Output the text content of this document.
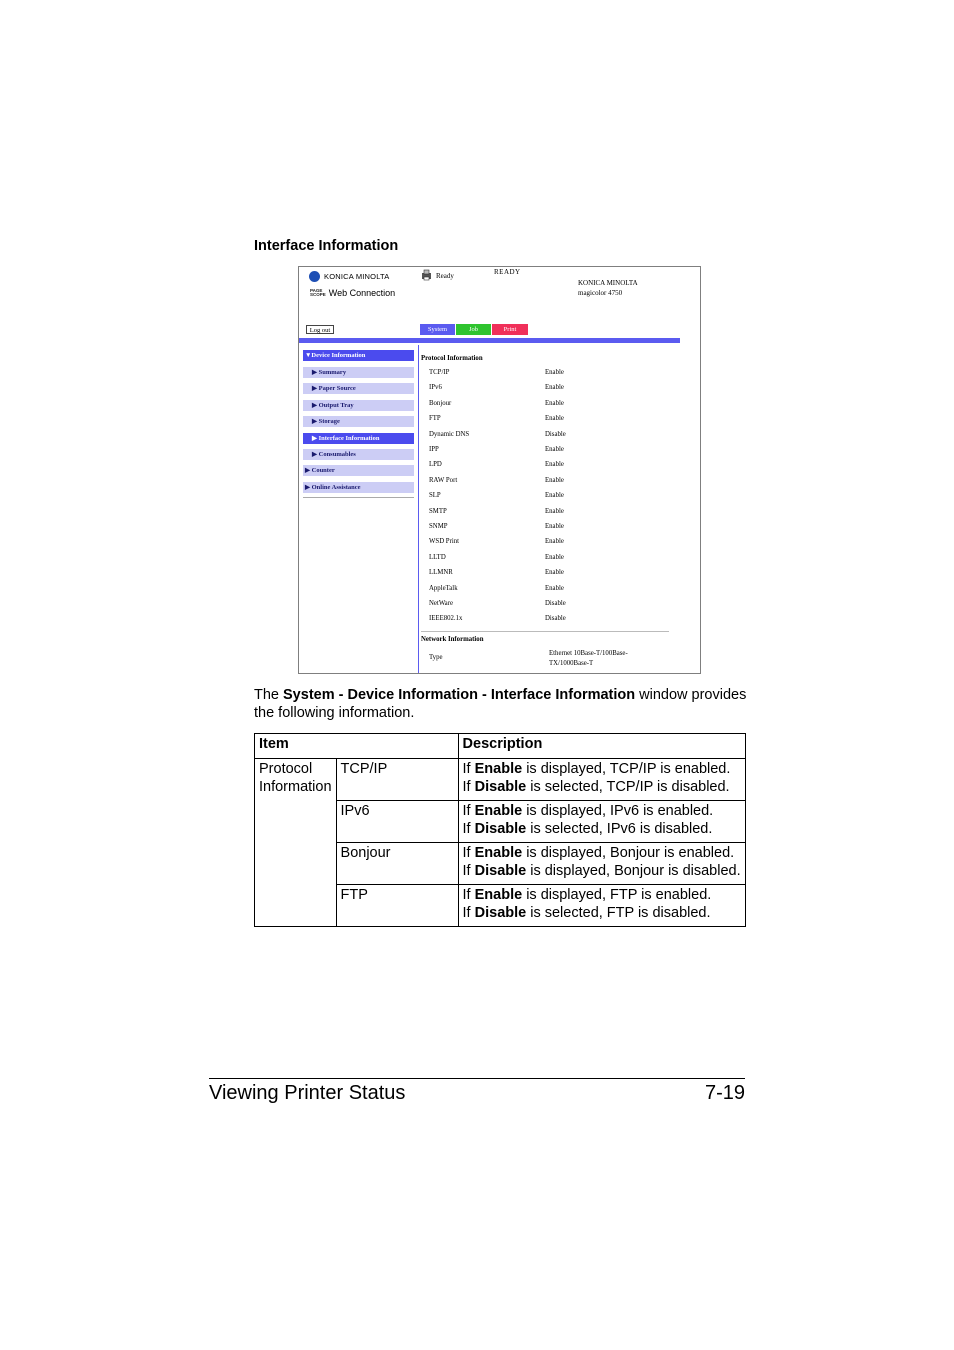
Interface Information
KONICA MINOLTA
PAGE
SCOPE Web Connection
Ready	READY
KONICA MINOLTA
magicolor 4750
Log out	System	Job	Print
▼Device Information
▶ Summary
▶ Paper Source
▶ Output Tray
▶ Storage
▶ Interface Information
▶ Consumables
▶ Counter
▶ Online Assistance
Protocol Information
TCP/IP	Enable
IPv6	Enable
Bonjour	Enable
FTP	Enable
Dynamic DNS	Disable
IPP	Enable
LPD	Enable
RAW Port	Enable
SLP	Enable
SMTP	Enable
SNMP	Enable
WSD Print	Enable
LLTD	Enable
LLMNR	Enable
AppleTalk	Enable
NetWare	Disable
IEEE802.1x	Disable
Network Information
Type
Ethernet 10Base-T/100Base-TX/1000Base-T
The System - Device Information - Interface Information window provides the following information.
Item		Description
Protocol Information	TCP/IP	If Enable is displayed, TCP/IP is enabled.
If Disable is selected, TCP/IP is disabled.
	IPv6	If Enable is displayed, IPv6 is enabled.
If Disable is selected, IPv6 is disabled.
	Bonjour	If Enable is displayed, Bonjour is enabled.
If Disable is displayed, Bonjour is disabled.
	FTP	If Enable is displayed, FTP is enabled.
If Disable is selected, FTP is disabled.
Viewing Printer Status	7-19
